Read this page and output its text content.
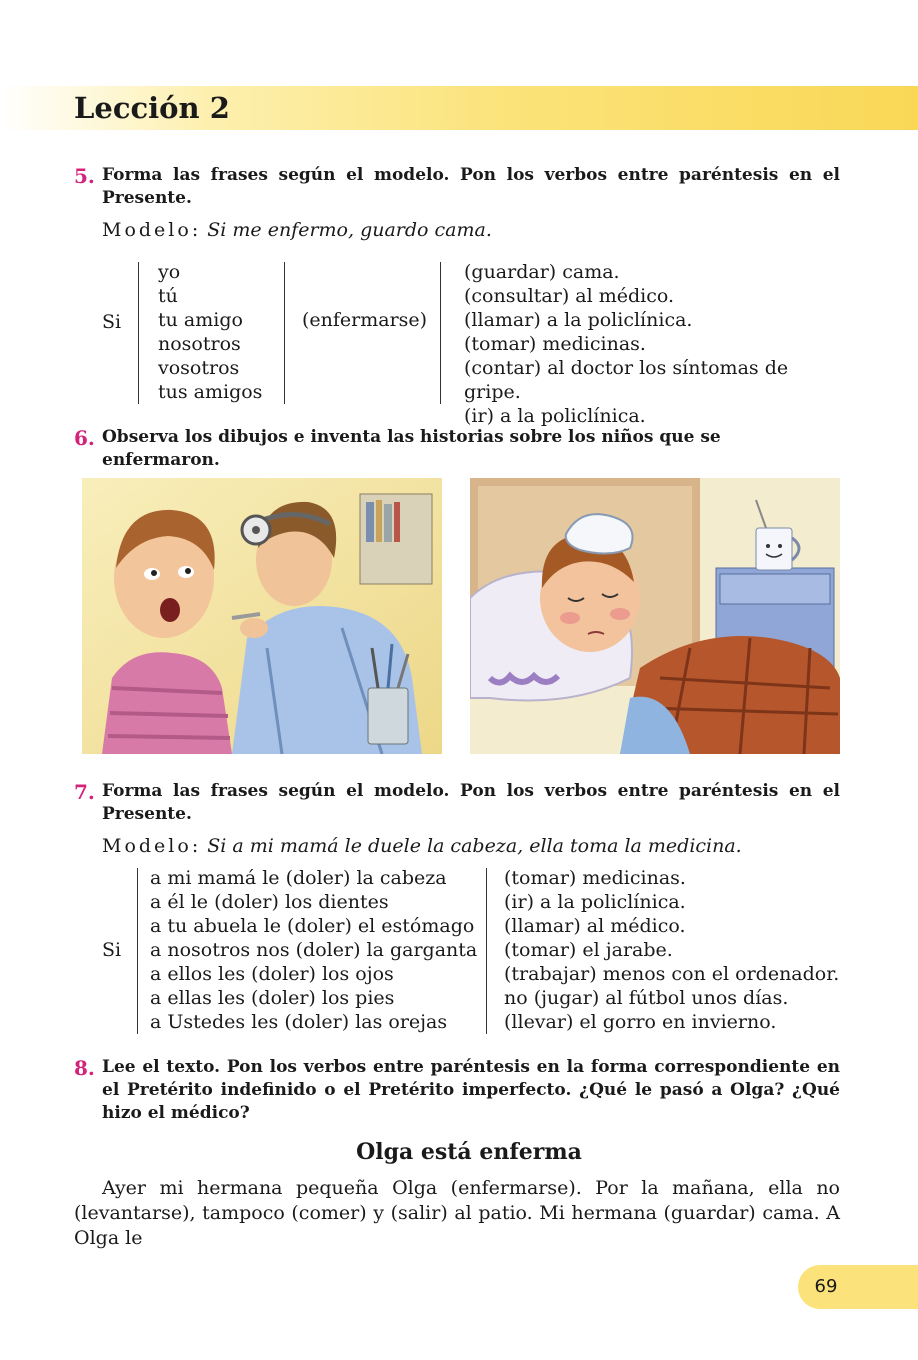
Lección 2
5. Forma las frases según el modelo. Pon los verbos entre paréntesis en el Presente.
Modelo: Si me enfermo, guardo cama.
Si
yo
tú
tu amigo
nosotros
vosotros
tus amigos
(enfermarse)
(guardar) cama.
(consultar) al médico.
(llamar) a la policlínica.
(tomar) medicinas.
(contar) al doctor los síntomas de gripe.
(ir) a la policlínica.
6. Observa los dibujos e inventa las historias sobre los niños que se enfermaron.
7. Forma las frases según el modelo. Pon los verbos entre paréntesis en el Presente.
Modelo: Si a mi mamá le duele la cabeza, ella toma la medicina.
Si
a mi mamá le (doler) la cabeza
a él le (doler) los dientes
a tu abuela le (doler) el estómago
a nosotros nos (doler) la garganta
a ellos les (doler) los ojos
a ellas les (doler) los pies
a Ustedes les (doler) las orejas
(tomar) medicinas.
(ir) a la policlínica.
(llamar) al médico.
(tomar) el jarabe.
(trabajar) menos con el ordenador.
no (jugar) al fútbol unos días.
(llevar) el gorro en invierno.
8. Lee el texto. Pon los verbos entre paréntesis en la forma correspondiente en el Pretérito indefinido o el Pretérito imperfecto. ¿Qué le pasó a Olga? ¿Qué hizo el médico?
Olga está enferma
Ayer mi hermana pequeña Olga (enfermarse). Por la mañana, ella no (levantarse), tampoco (comer) y (salir) al patio. Mi hermana (guardar) cama. A Olga le
69
